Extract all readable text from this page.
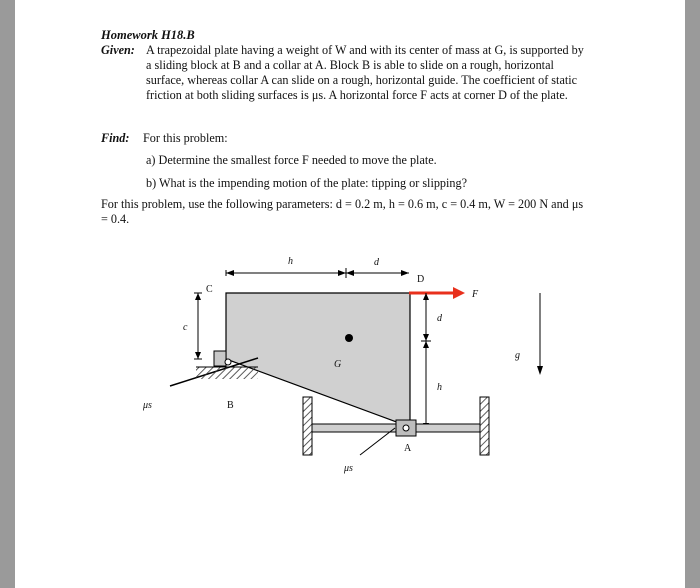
Homework H18.B
Given: A trapezoidal plate having a weight of W and with its center of mass at G, is supported by a sliding block at B and a collar at A. Block B is able to slide on a rough, horizontal surface, whereas collar A can slide on a rough, horizontal guide. The coefficient of static friction at both sliding surfaces is μs. A horizontal force F acts at corner D of the plate.
Find: For this problem:
a) Determine the smallest force F needed to move the plate.
b) What is the impending motion of the plate: tipping or slipping?
For this problem, use the following parameters: d = 0.2 m, h = 0.6 m, c = 0.4 m, W = 200 N and μs = 0.4.
h	d
G
C
D
F
c
d
h
g
B
μs
A
μs
